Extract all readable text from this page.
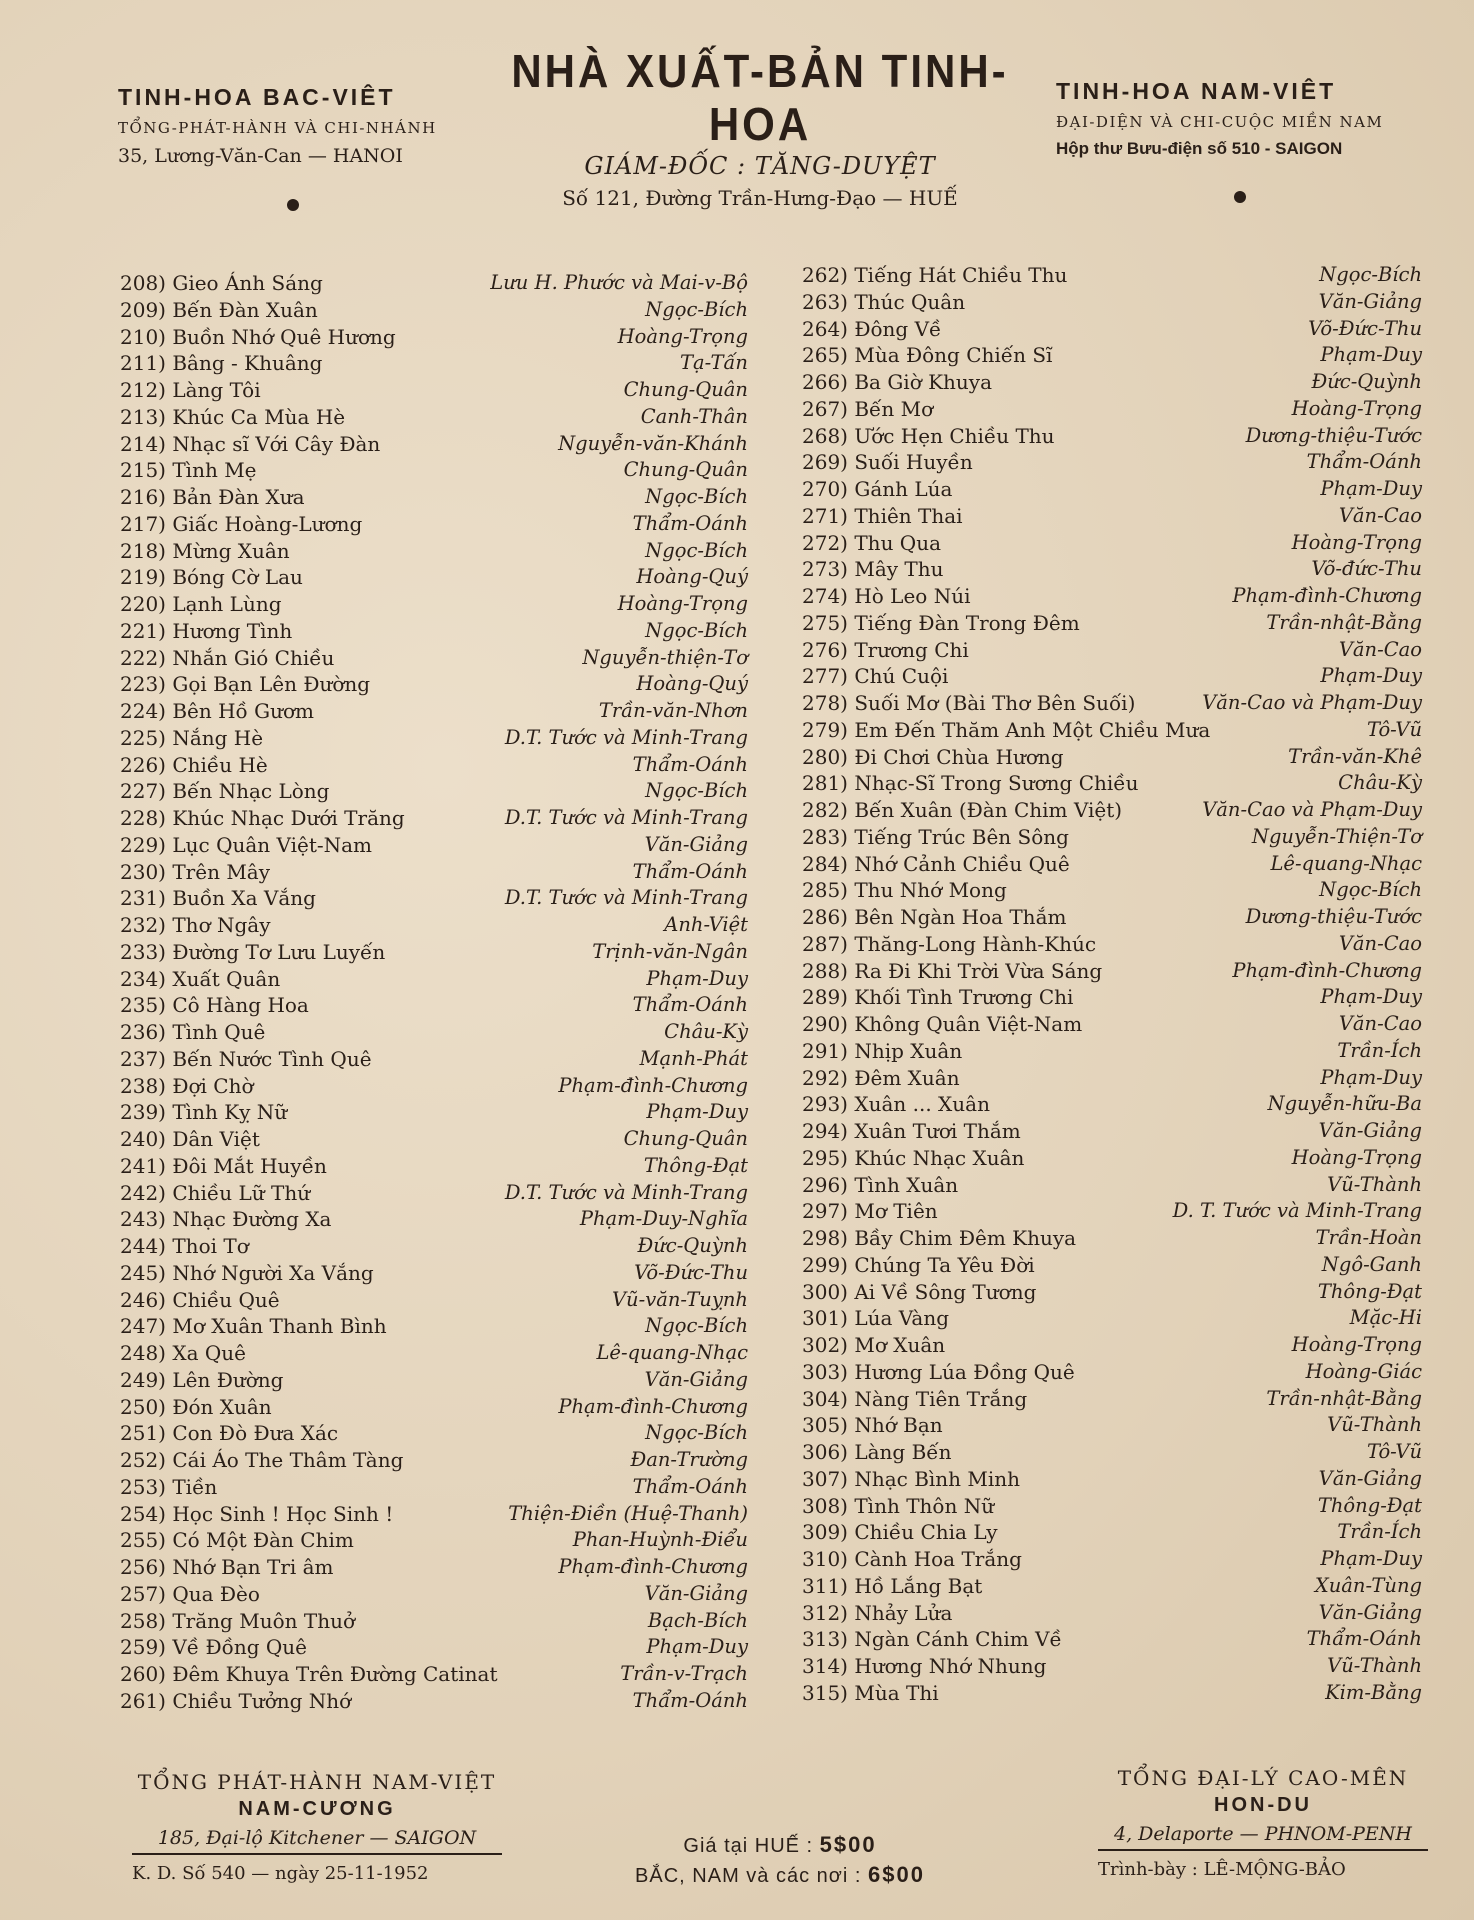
TINH-HOA BAC-VIÊT
TỔNG-PHÁT-HÀNH VÀ CHI-NHÁNH
35, Lương-Văn-Can — HANOI
NHÀ XUẤT-BẢN TINH-HOA
GIÁM-ĐỐC : TĂNG-DUYỆT
Số 121, Đường Trần-Hưng-Đạo — HUẾ
TINH-HOA NAM-VIÊT
ĐẠI-DIỆN VÀ CHI-CUỘC MIỀN NAM
Hộp thư Bưu-điện số 510 - SAIGON
208) Gieo Ánh Sáng	Lưu H. Phước và Mai-v-Bộ
209) Bến Đàn Xuân	Ngọc-Bích
210) Buồn Nhớ Quê Hương	Hoàng-Trọng
211) Bâng - Khuâng	Tạ-Tấn
212) Làng Tôi	Chung-Quân
213) Khúc Ca Mùa Hè	Canh-Thân
214) Nhạc sĩ Với Cây Đàn	Nguyễn-văn-Khánh
215) Tình Mẹ	Chung-Quân
216) Bản Đàn Xưa	Ngọc-Bích
217) Giấc Hoàng-Lương	Thẩm-Oánh
218) Mừng Xuân	Ngọc-Bích
219) Bóng Cờ Lau	Hoàng-Quý
220) Lạnh Lùng	Hoàng-Trọng
221) Hương Tình	Ngọc-Bích
222) Nhắn Gió Chiều	Nguyễn-thiện-Tơ
223) Gọi Bạn Lên Đường	Hoàng-Quý
224) Bên Hồ Gươm	Trần-văn-Nhơn
225) Nắng Hè	D.T. Tước và Minh-Trang
226) Chiều Hè	Thẩm-Oánh
227) Bến Nhạc Lòng	Ngọc-Bích
228) Khúc Nhạc Dưới Trăng	D.T. Tước và Minh-Trang
229) Lục Quân Việt-Nam	Văn-Giảng
230) Trên Mây	Thẩm-Oánh
231) Buồn Xa Vắng	D.T. Tước và Minh-Trang
232) Thơ Ngây	Anh-Việt
233) Đường Tơ Lưu Luyến	Trịnh-văn-Ngân
234) Xuất Quân	Phạm-Duy
235) Cô Hàng Hoa	Thẩm-Oánh
236) Tình Quê	Châu-Kỳ
237) Bến Nước Tình Quê	Mạnh-Phát
238) Đợi Chờ	Phạm-đình-Chương
239) Tình Kỵ Nữ	Phạm-Duy
240) Dân Việt	Chung-Quân
241) Đôi Mắt Huyền	Thông-Đạt
242) Chiều Lữ Thứ	D.T. Tước và Minh-Trang
243) Nhạc Đường Xa	Phạm-Duy-Nghĩa
244) Thoi Tơ	Đức-Quỳnh
245) Nhớ Người Xa Vắng	Võ-Đức-Thu
246) Chiều Quê	Vũ-văn-Tuỵnh
247) Mơ Xuân Thanh Bình	Ngọc-Bích
248) Xa Quê	Lê-quang-Nhạc
249) Lên Đường	Văn-Giảng
250) Đón Xuân	Phạm-đình-Chương
251) Con Đò Đưa Xác	Ngọc-Bích
252) Cái Áo The Thâm Tàng	Đan-Trường
253) Tiền	Thẩm-Oánh
254) Học Sinh ! Học Sinh !	Thiện-Điền (Huệ-Thanh)
255) Có Một Đàn Chim	Phan-Huỳnh-Điểu
256) Nhớ Bạn Tri âm	Phạm-đình-Chương
257) Qua Đèo	Văn-Giảng
258) Trăng Muôn Thuở	Bạch-Bích
259) Về Đồng Quê	Phạm-Duy
260) Đêm Khuya Trên Đường Catinat	Trần-v-Trạch
261) Chiều Tưởng Nhớ	Thẩm-Oánh
262) Tiếng Hát Chiều Thu	Ngọc-Bích
263) Thúc Quân	Văn-Giảng
264) Đông Về	Võ-Đức-Thu
265) Mùa Đông Chiến Sĩ	Phạm-Duy
266) Ba Giờ Khuya	Đức-Quỳnh
267) Bến Mơ	Hoàng-Trọng
268) Ước Hẹn Chiều Thu	Dương-thiệu-Tước
269) Suối Huyền	Thẩm-Oánh
270) Gánh Lúa	Phạm-Duy
271) Thiên Thai	Văn-Cao
272) Thu Qua	Hoàng-Trọng
273) Mây Thu	Võ-đức-Thu
274) Hò Leo Núi	Phạm-đình-Chương
275) Tiếng Đàn Trong Đêm	Trần-nhật-Bằng
276) Trương Chi	Văn-Cao
277) Chú Cuội	Phạm-Duy
278) Suối Mơ (Bài Thơ Bên Suối)	Văn-Cao và Phạm-Duy
279) Em Đến Thăm Anh Một Chiều Mưa	Tô-Vũ
280) Đi Chơi Chùa Hương	Trần-văn-Khê
281) Nhạc-Sĩ Trong Sương Chiều	Châu-Kỳ
282) Bến Xuân (Đàn Chim Việt)	Văn-Cao và Phạm-Duy
283) Tiếng Trúc Bên Sông	Nguyễn-Thiện-Tơ
284) Nhớ Cảnh Chiều Quê	Lê-quang-Nhạc
285) Thu Nhớ Mong	Ngọc-Bích
286) Bên Ngàn Hoa Thắm	Dương-thiệu-Tước
287) Thăng-Long Hành-Khúc	Văn-Cao
288) Ra Đi Khi Trời Vừa Sáng	Phạm-đình-Chương
289) Khối Tình Trương Chi	Phạm-Duy
290) Không Quân Việt-Nam	Văn-Cao
291) Nhịp Xuân	Trần-Ích
292) Đêm Xuân	Phạm-Duy
293) Xuân ... Xuân	Nguyễn-hữu-Ba
294) Xuân Tươi Thắm	Văn-Giảng
295) Khúc Nhạc Xuân	Hoàng-Trọng
296) Tình Xuân	Vũ-Thành
297) Mơ Tiên	D. T. Tước và Minh-Trang
298) Bầy Chim Đêm Khuya	Trần-Hoàn
299) Chúng Ta Yêu Đời	Ngô-Ganh
300) Ai Về Sông Tương	Thông-Đạt
301) Lúa Vàng	Mặc-Hi
302) Mơ Xuân	Hoàng-Trọng
303) Hương Lúa Đồng Quê	Hoàng-Giác
304) Nàng Tiên Trắng	Trần-nhật-Bằng
305) Nhớ Bạn	Vũ-Thành
306) Làng Bến	Tô-Vũ
307) Nhạc Bình Minh	Văn-Giảng
308) Tình Thôn Nữ	Thông-Đạt
309) Chiều Chia Ly	Trần-Ích
310) Cành Hoa Trắng	Phạm-Duy
311) Hồ Lắng Bạt	Xuân-Tùng
312) Nhảy Lửa	Văn-Giảng
313) Ngàn Cánh Chim Về	Thẩm-Oánh
314) Hương Nhớ Nhung	Vũ-Thành
315) Mùa Thi	Kim-Bằng
TỔNG PHÁT-HÀNH NAM-VIỆT
NAM-CƯƠNG
185, Đại-lộ Kitchener — SAIGON
K. D. Số 540 — ngày 25-11-1952
Giá tại HUẾ : 5$00
BẮC, NAM và các nơi : 6$00
TỔNG ĐẠI-LÝ CAO-MÊN
HON-DU
4, Delaporte — PHNOM-PENH
Trình-bày : LÊ-MỘNG-BẢO
